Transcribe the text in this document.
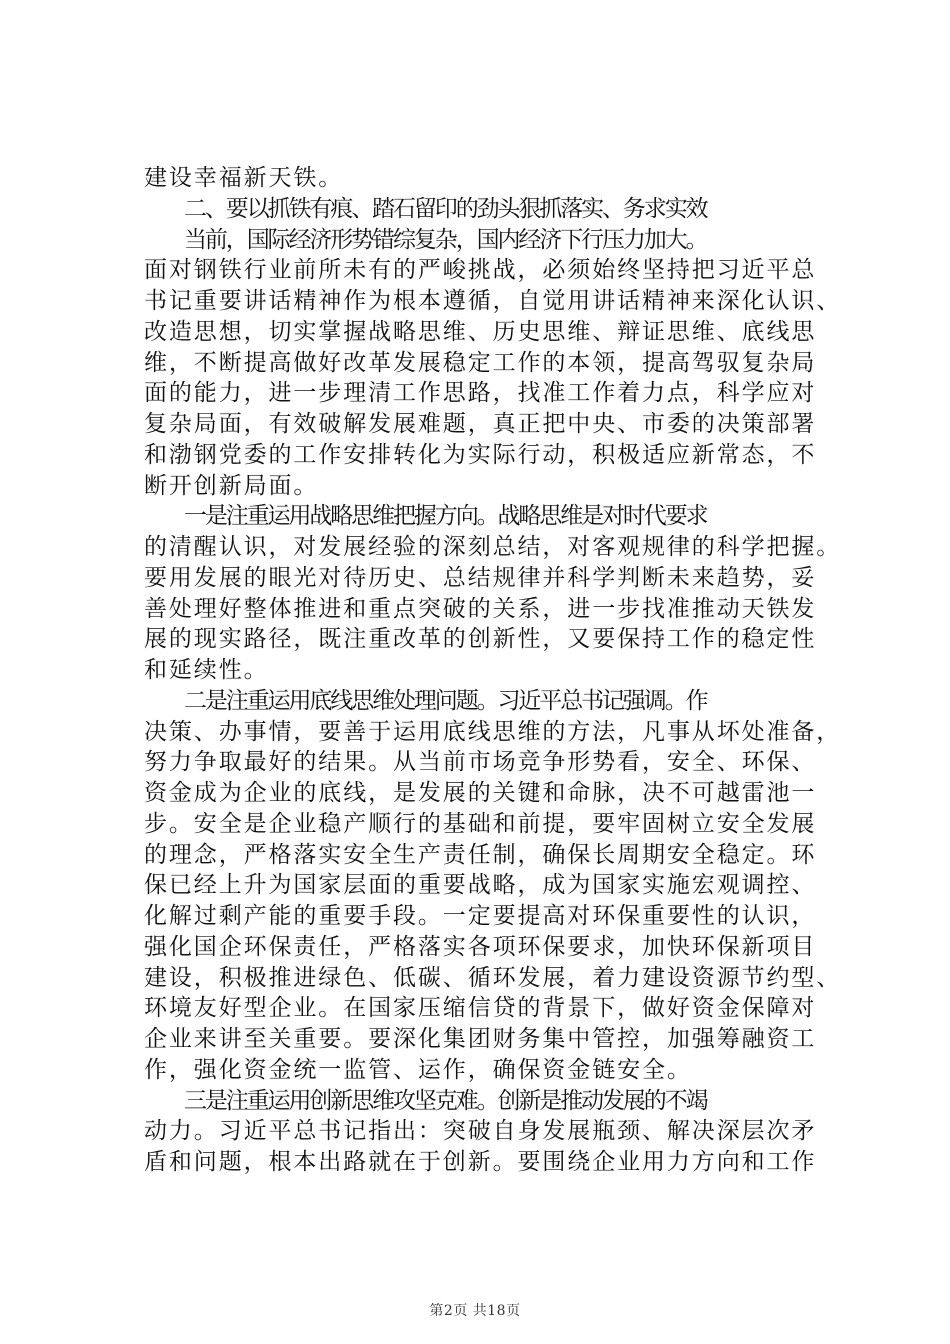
建设幸福新天铁。
二、要以抓铁有痕、踏石留印的劲头狠抓落实、务求实效
当前，国际经济形势错综复杂，国内经济下行压力加大。
面对钢铁行业前所未有的严峻挑战，必须始终坚持把习近平总
书记重要讲话精神作为根本遵循，自觉用讲话精神来深化认识、
改造思想，切实掌握战略思维、历史思维、辩证思维、底线思
维，不断提高做好改革发展稳定工作的本领，提高驾驭复杂局
面的能力，进一步理清工作思路，找准工作着力点，科学应对
复杂局面，有效破解发展难题，真正把中央、市委的决策部署
和渤钢党委的工作安排转化为实际行动，积极适应新常态，不
断开创新局面。
一是注重运用战略思维把握方向。战略思维是对时代要求
的清醒认识，对发展经验的深刻总结，对客观规律的科学把握。
要用发展的眼光对待历史、总结规律并科学判断未来趋势，妥
善处理好整体推进和重点突破的关系，进一步找准推动天铁发
展的现实路径，既注重改革的创新性，又要保持工作的稳定性
和延续性。
二是注重运用底线思维处理问题。习近平总书记强调。作
决策、办事情，要善于运用底线思维的方法，凡事从坏处准备，
努力争取最好的结果。从当前市场竞争形势看，安全、环保、
资金成为企业的底线，是发展的关键和命脉，决不可越雷池一
步。安全是企业稳产顺行的基础和前提，要牢固树立安全发展
的理念，严格落实安全生产责任制，确保长周期安全稳定。环
保已经上升为国家层面的重要战略，成为国家实施宏观调控、
化解过剩产能的重要手段。一定要提高对环保重要性的认识，
强化国企环保责任，严格落实各项环保要求，加快环保新项目
建设，积极推进绿色、低碳、循环发展，着力建设资源节约型、
环境友好型企业。在国家压缩信贷的背景下，做好资金保障对
企业来讲至关重要。要深化集团财务集中管控，加强筹融资工
作，强化资金统一监管、运作，确保资金链安全。
三是注重运用创新思维攻坚克难。创新是推动发展的不竭
动力。习近平总书记指出：突破自身发展瓶颈、解决深层次矛
盾和问题，根本出路就在于创新。要围绕企业用力方向和工作
第2页 共18页
